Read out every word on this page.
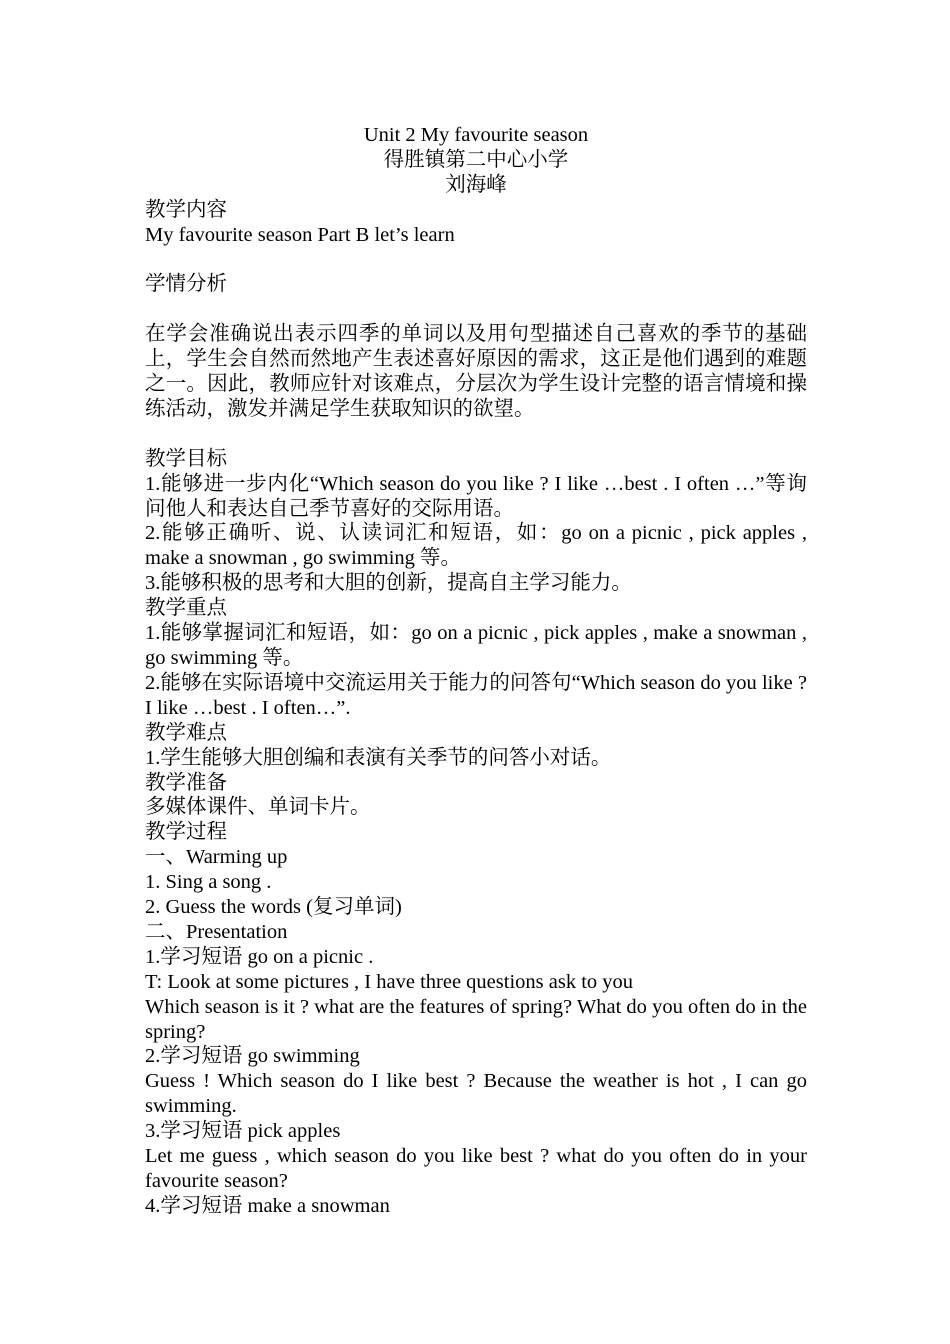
Unit 2 My favourite season
得胜镇第二中心小学
刘海峰
教学内容
My favourite season Part B let’s learn
学情分析
在学会准确说出表示四季的单词以及用句型描述自己喜欢的季节的基础上，学生会自然而然地产生表述喜好原因的需求，这正是他们遇到的难题之一。因此，教师应针对该难点，分层次为学生设计完整的语言情境和操练活动，激发并满足学生获取知识的欲望。
教学目标
1.能够进一步内化“Which season do you like ? I like …best . I often …”等询问他人和表达自己季节喜好的交际用语。
2.能够正确听、说、认读词汇和短语，如：go on a picnic , pick apples , make a snowman , go swimming 等。
3.能够积极的思考和大胆的创新，提高自主学习能力。
教学重点
1.能够掌握词汇和短语，如：go on a picnic , pick apples , make a snowman , go swimming 等。
2.能够在实际语境中交流运用关于能力的问答句“Which season do you like ? I like …best . I often…”.
教学难点
1.学生能够大胆创编和表演有关季节的问答小对话。
教学准备
多媒体课件、单词卡片。
教学过程
一、Warming up
1. Sing a song .
2. Guess the words (复习单词)
二、Presentation
1.学习短语 go on a picnic .
T: Look at some pictures , I have three questions ask to you
Which season is it ? what are the features of spring? What do you often do in the spring?
2.学习短语 go swimming
Guess ! Which season do I like best ? Because the weather is hot , I can go swimming.
3.学习短语 pick apples
Let me guess , which season do you like best ? what do you often do in your favourite season?
4.学习短语 make a snowman
